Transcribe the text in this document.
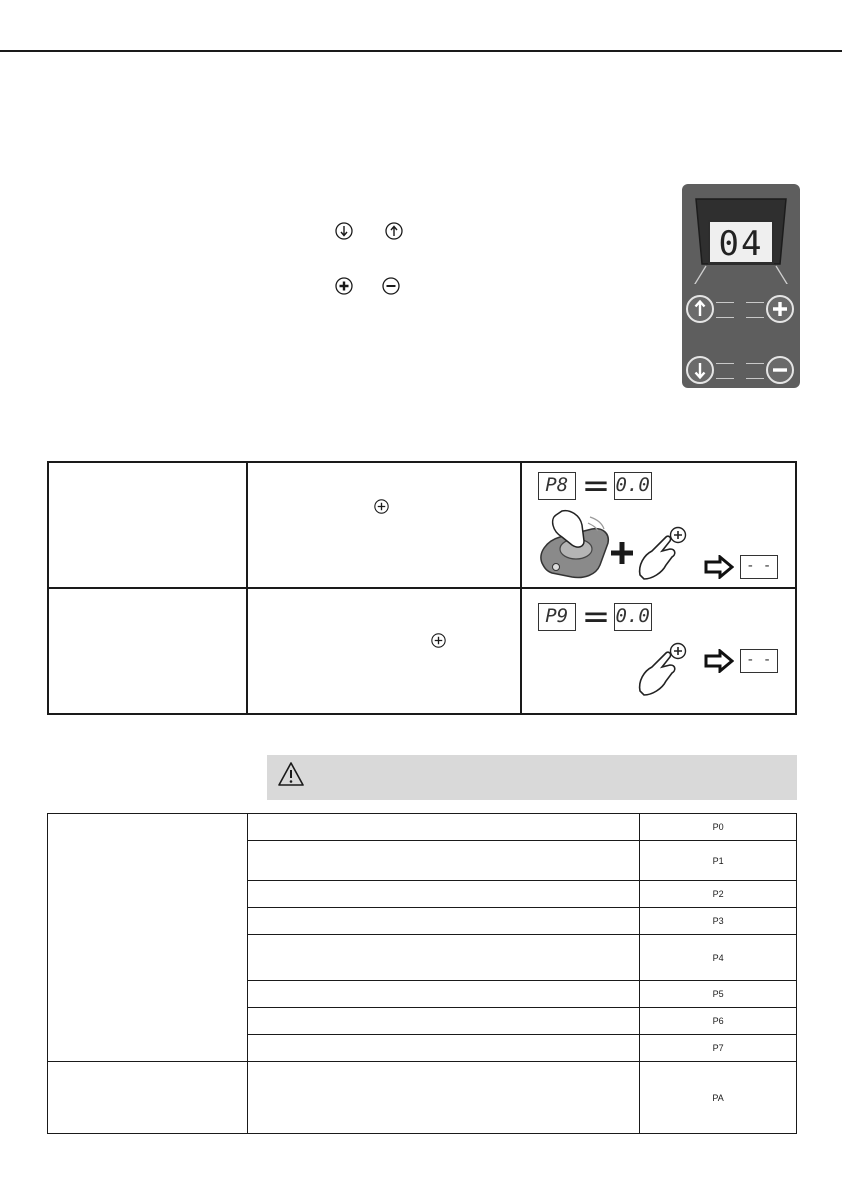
04

P8 = 0.0
- -

P9 = 0.0
- -
		P0
		P1
		P2
		P3
		P4
		P5
		P6
		P7
		PA
